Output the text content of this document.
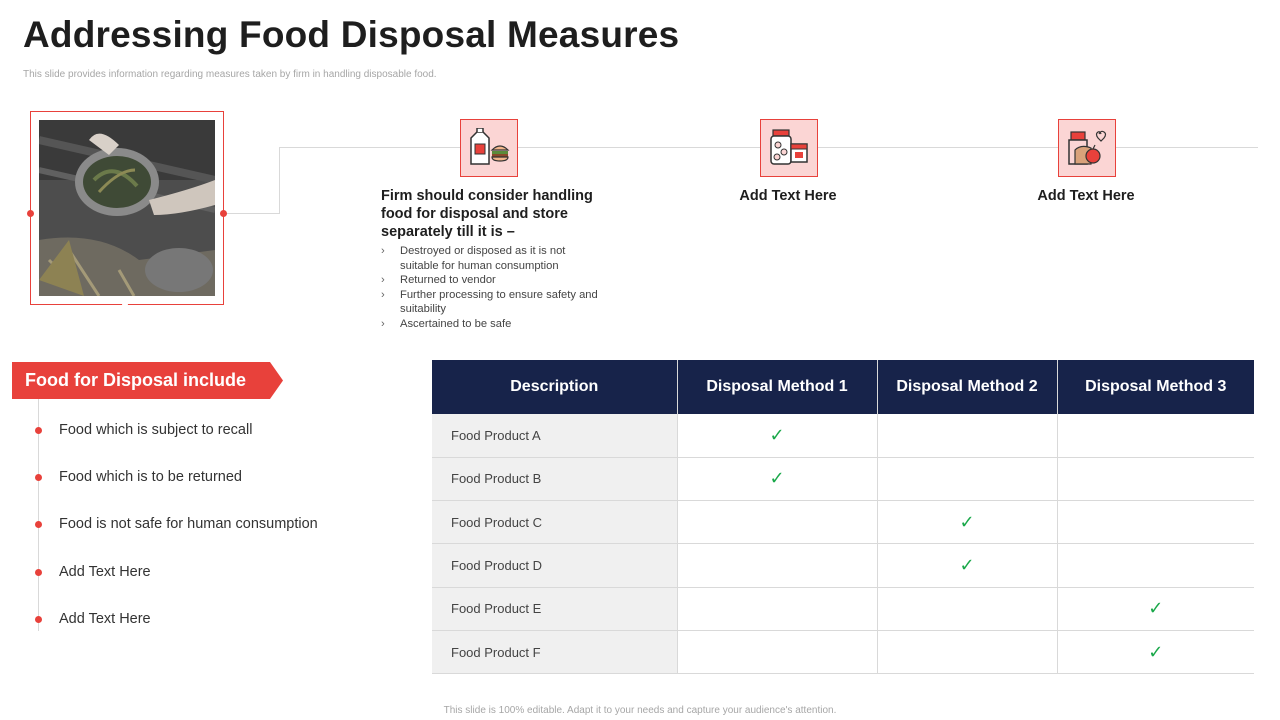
Addressing Food Disposal Measures
This slide provides information regarding measures taken by firm in handling disposable food.
Firm should consider handling food for disposal and store separately till it is –
› Destroyed or disposed as it is not suitable for human consumption
› Returned to vendor
› Further processing to ensure safety and suitability
› Ascertained to be safe
Add Text Here	Add Text Here
Food for Disposal include
Food which is subject to recall
Food which is to be returned
Food is not safe for human consumption
Add Text Here
Add Text Here
Description	Disposal Method 1	Disposal Method 2	Disposal Method 3
Food Product A	✓		
Food Product B	✓		
Food Product C		✓	
Food Product D		✓	
Food Product E			✓
Food Product F			✓
This slide is 100% editable. Adapt it to your needs and capture your audience's attention.
